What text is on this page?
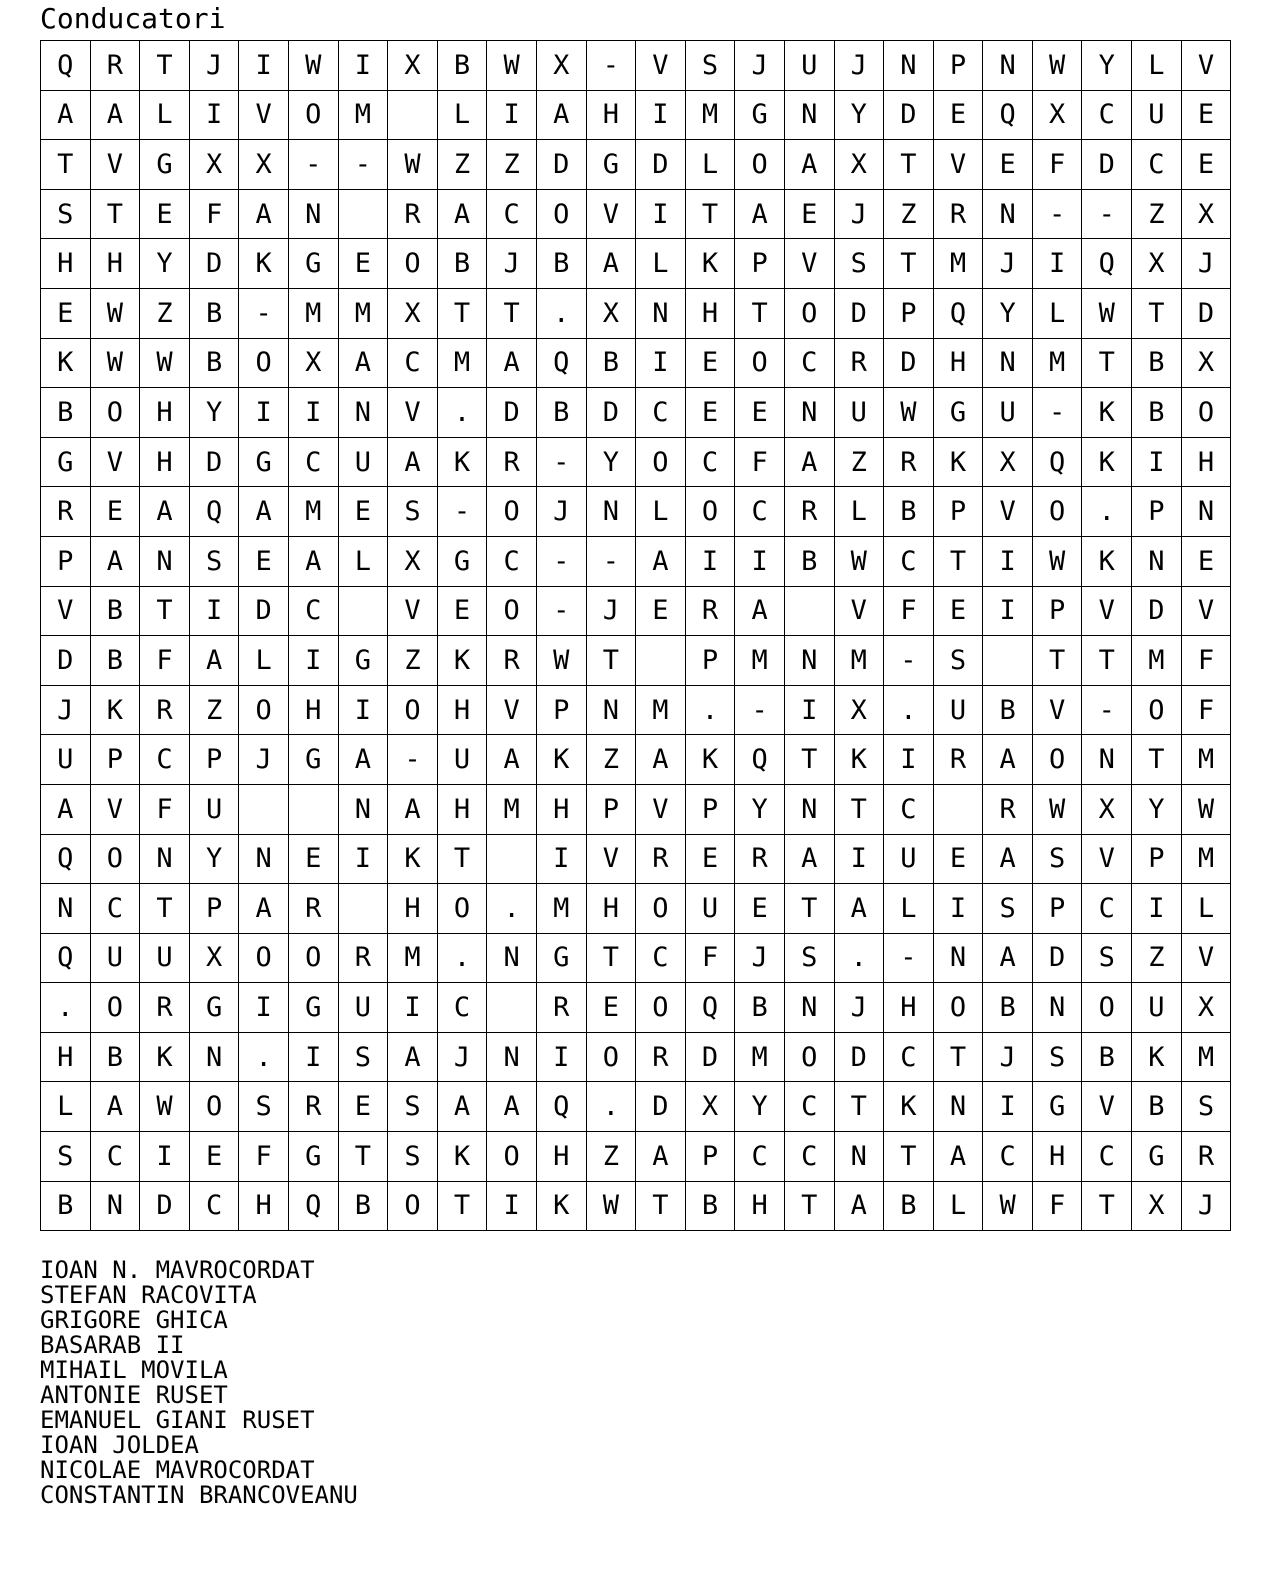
Conducatori
Q	R	T	J	I	W	I	X	B	W	X	-	V	S	J	U	J	N	P	N	W	Y	L	V
A	A	L	I	V	O	M		L	I	A	H	I	M	G	N	Y	D	E	Q	X	C	U	E
T	V	G	X	X	-	-	W	Z	Z	D	G	D	L	O	A	X	T	V	E	F	D	C	E
S	T	E	F	A	N		R	A	C	O	V	I	T	A	E	J	Z	R	N	-	-	Z	X
H	H	Y	D	K	G	E	O	B	J	B	A	L	K	P	V	S	T	M	J	I	Q	X	J
E	W	Z	B	-	M	M	X	T	T	.	X	N	H	T	O	D	P	Q	Y	L	W	T	D
K	W	W	B	O	X	A	C	M	A	Q	B	I	E	O	C	R	D	H	N	M	T	B	X
B	O	H	Y	I	I	N	V	.	D	B	D	C	E	E	N	U	W	G	U	-	K	B	O
G	V	H	D	G	C	U	A	K	R	-	Y	O	C	F	A	Z	R	K	X	Q	K	I	H
R	E	A	Q	A	M	E	S	-	O	J	N	L	O	C	R	L	B	P	V	O	.	P	N
P	A	N	S	E	A	L	X	G	C	-	-	A	I	I	B	W	C	T	I	W	K	N	E
V	B	T	I	D	C		V	E	O	-	J	E	R	A		V	F	E	I	P	V	D	V
D	B	F	A	L	I	G	Z	K	R	W	T		P	M	N	M	-	S		T	T	M	F
J	K	R	Z	O	H	I	O	H	V	P	N	M	.	-	I	X	.	U	B	V	-	O	F
U	P	C	P	J	G	A	-	U	A	K	Z	A	K	Q	T	K	I	R	A	O	N	T	M
A	V	F	U			N	A	H	M	H	P	V	P	Y	N	T	C		R	W	X	Y	W
Q	O	N	Y	N	E	I	K	T		I	V	R	E	R	A	I	U	E	A	S	V	P	M
N	C	T	P	A	R		H	O	.	M	H	O	U	E	T	A	L	I	S	P	C	I	L
Q	U	U	X	O	O	R	M	.	N	G	T	C	F	J	S	.	-	N	A	D	S	Z	V
.	O	R	G	I	G	U	I	C		R	E	O	Q	B	N	J	H	O	B	N	O	U	X
H	B	K	N	.	I	S	A	J	N	I	O	R	D	M	O	D	C	T	J	S	B	K	M
L	A	W	O	S	R	E	S	A	A	Q	.	D	X	Y	C	T	K	N	I	G	V	B	S
S	C	I	E	F	G	T	S	K	O	H	Z	A	P	C	C	N	T	A	C	H	C	G	R
B	N	D	C	H	Q	B	O	T	I	K	W	T	B	H	T	A	B	L	W	F	T	X	J
IOAN N. MAVROCORDAT
STEFAN RACOVITA
GRIGORE GHICA
BASARAB II
MIHAIL MOVILA
ANTONIE RUSET
EMANUEL GIANI RUSET
IOAN JOLDEA
NICOLAE MAVROCORDAT
CONSTANTIN BRANCOVEANU
